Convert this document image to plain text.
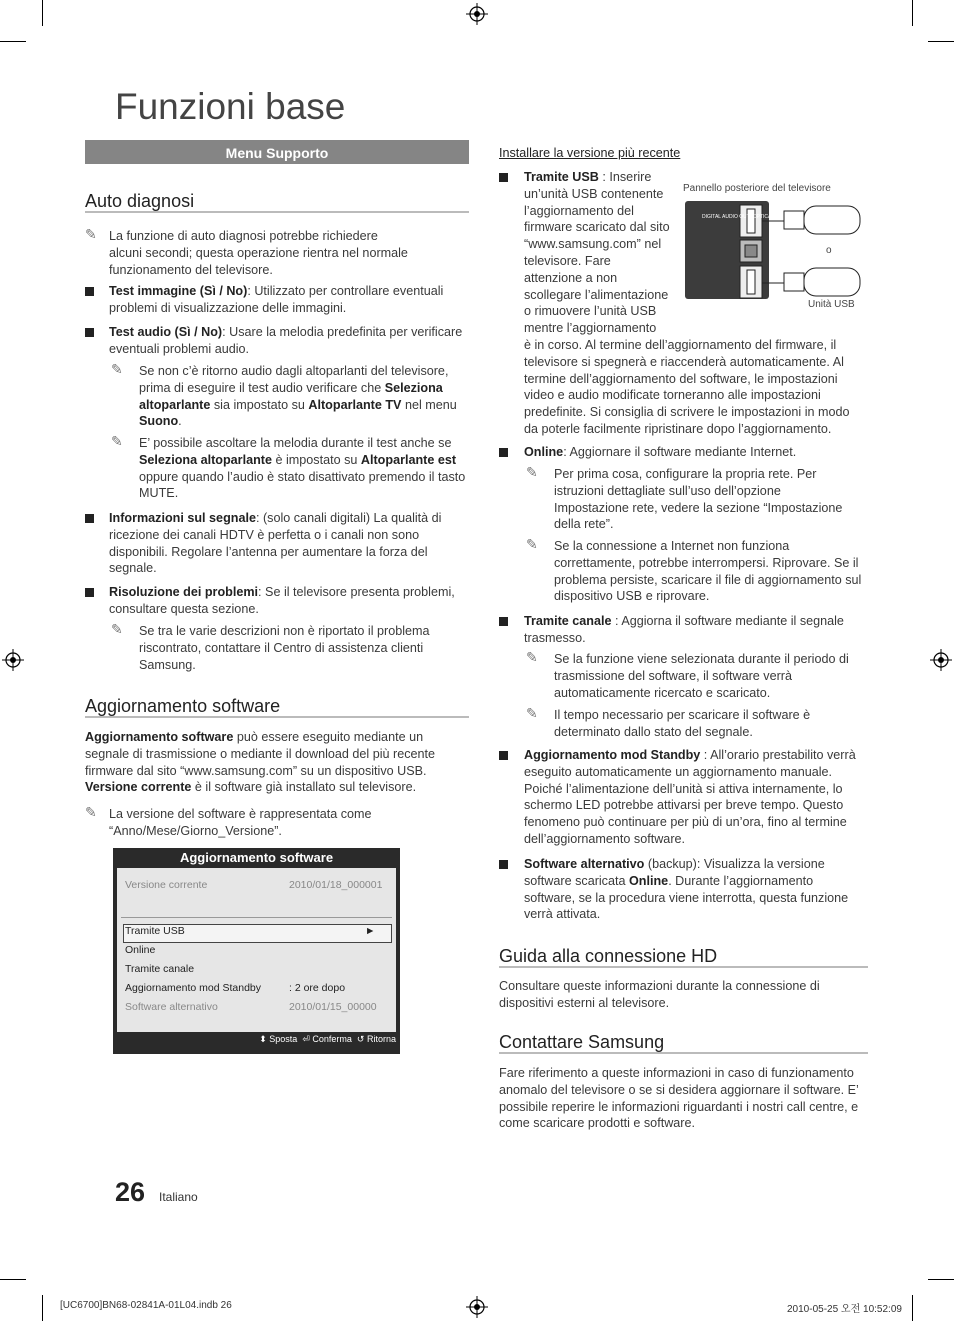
Funzioni base
Menu Supporto
Auto diagnosi
✎ La funzione di auto diagnosi potrebbe richiedere alcuni secondi; questa operazione rientra nel normale funzionamento del televisore.

Test immagine (Sì / No): Utilizzato per controllare eventuali problemi di visualizzazione delle immagini.

Test audio (Sì / No): Usare la melodia predefinita per verificare eventuali problemi audio.

✎ Se non c’è ritorno audio dagli altoparlanti del televisore, prima di eseguire il test audio verificare che Seleziona altoparlante sia impostato su Altoparlante TV nel menu Suono.

✎ E’ possibile ascoltare la melodia durante il test anche se Seleziona altoparlante è impostato su Altoparlante est oppure quando l’audio è stato disattivato premendo il tasto MUTE.

Informazioni sul segnale: (solo canali digitali) La qualità di ricezione dei canali HDTV è perfetta o i canali non sono disponibili. Regolare l’antenna per aumentare la forza del segnale.

Risoluzione dei problemi: Se il televisore presenta problemi, consultare questa sezione.

✎ Se tra le varie descrizioni non è riportato il problema riscontrato, contattare il Centro di assistenza clienti Samsung.

Aggiornamento software

Aggiornamento software può essere eseguito mediante un segnale di trasmissione o mediante il download del più recente firmware dal sito “www.samsung.com” su un dispositivo USB.

Versione corrente è il software già installato sul televisore.

✎ La versione del software è rappresentata come “Anno/Mese/Giorno_Versione”.

Aggiornamento software
Versione corrente	2010/01/18_000001
Tramite USB	►
Online
Tramite canale
Aggiornamento mod Standby	: 2 ore dopo
Software alternativo	2010/01/15_00000
⬍ Sposta ⏎ Conferma ↺ Ritorna

Installare la versione più recente

Tramite USB : Inserire un’unità USB contenente l’aggiornamento del firmware scaricato dal sito “www.samsung.com” nel televisore. Fare attenzione a non scollegare l’alimentazione o rimuovere l’unità USB mentre l’aggiornamento

è in corso. Al termine dell’aggiornamento del firmware, il televisore si spegnerà e riaccenderà automaticamente. Al termine dell’aggiornamento del software, le impostazioni video e audio modificate torneranno alle impostazioni predefinite. Si consiglia di scrivere le impostazioni in modo da poterle facilmente ripristinare dopo l’aggiornamento.

Pannello posteriore del televisore
DIGITAL AUDIO OUT (OPTICAL)
o
Unità USB

Online: Aggiornare il software mediante Internet.

✎ Per prima cosa, configurare la propria rete. Per istruzioni dettagliate sull’uso dell’opzione Impostazione rete, vedere la sezione “Impostazione della rete”.

✎ Se la connessione a Internet non funziona correttamente, potrebbe interrompersi. Riprovare. Se il problema persiste, scaricare il file di aggiornamento sul dispositivo USB e riprovare.

Tramite canale : Aggiorna il software mediante il segnale trasmesso.

✎ Se la funzione viene selezionata durante il periodo di trasmissione del software, il software verrà automaticamente ricercato e scaricato.

✎ Il tempo necessario per scaricare il software è determinato dallo stato del segnale.

Aggiornamento mod Standby : All’orario prestabilito verrà eseguito automaticamente un aggiornamento manuale. Poiché l’alimentazione dell’unità si attiva internamente, lo schermo LED potrebbe attivarsi per breve tempo. Questo fenomeno può continuare per più di un’ora, fino al termine dell’aggiornamento software.

Software alternativo (backup): Visualizza la versione software scaricata Online. Durante l’aggiornamento software, se la procedura viene interrotta, questa funzione verrà attivata.

Guida alla connessione HD

Consultare queste informazioni durante la connessione di dispositivi esterni al televisore.

Contattare Samsung

Fare riferimento a queste informazioni in caso di funzionamento anomalo del televisore o se si desidera aggiornare il software. E’ possibile reperire le informazioni riguardanti i nostri call centre, e come scaricare prodotti e software.

26 Italiano
[UC6700]BN68-02841A-01L04.indb 26	2010-05-25 오전 10:52:09
